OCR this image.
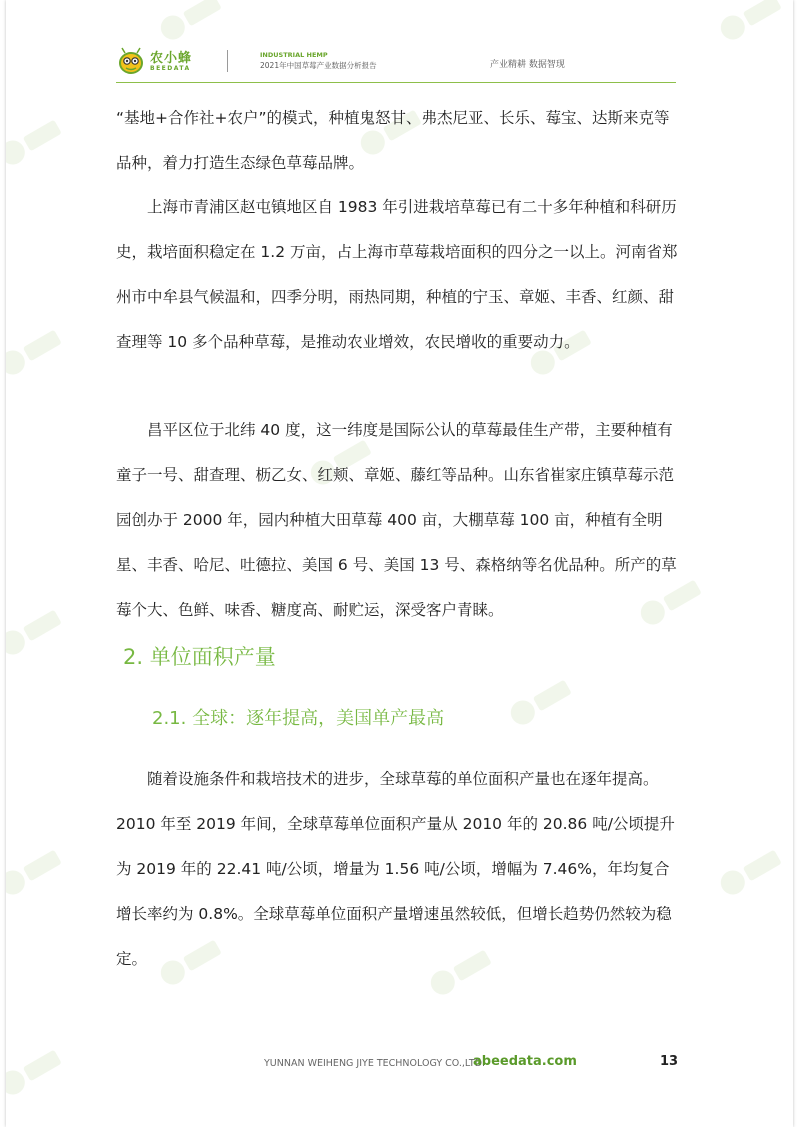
农小蜂
BEEDATA
INDUSTRIAL HEMP
2021年中国草莓产业数据分析报告	产业精耕 数据智现

“基地+合作社+农户”的模式，种植鬼怒甘、弗杰尼亚、长乐、莓宝、达斯来克等品种，着力打造生态绿色草莓品牌。

上海市青浦区赵屯镇地区自 1983 年引进栽培草莓已有二十多年种植和科研历史，栽培面积稳定在 1.2 万亩，占上海市草莓栽培面积的四分之一以上。河南省郑州市中牟县气候温和，四季分明，雨热同期，种植的宁玉、章姬、丰香、红颜、甜查理等 10 多个品种草莓，是推动农业增效，农民增收的重要动力。

昌平区位于北纬 40 度，这一纬度是国际公认的草莓最佳生产带，主要种植有童子一号、甜查理、枥乙女、红颊、章姬、藤红等品种。山东省崔家庄镇草莓示范园创办于 2000 年，园内种植大田草莓 400 亩，大棚草莓 100 亩，种植有全明星、丰香、哈尼、吐德拉、美国 6 号、美国 13 号、森格纳等名优品种。所产的草莓个大、色鲜、味香、糖度高、耐贮运，深受客户青睐。

2. 单位面积产量
2.1. 全球：逐年提高，美国单产最高

随着设施条件和栽培技术的进步，全球草莓的单位面积产量也在逐年提高。2010 年至 2019 年间，全球草莓单位面积产量从 2010 年的 20.86 吨/公顷提升为 2019 年的 22.41 吨/公顷，增量为 1.56 吨/公顷，增幅为 7.46%，年均复合增长率约为 0.8%。全球草莓单位面积产量增速虽然较低，但增长趋势仍然较为稳定。

YUNNAN WEIHENG JIYE TECHNOLOGY CO.,LTD.
abeedata.com	13
